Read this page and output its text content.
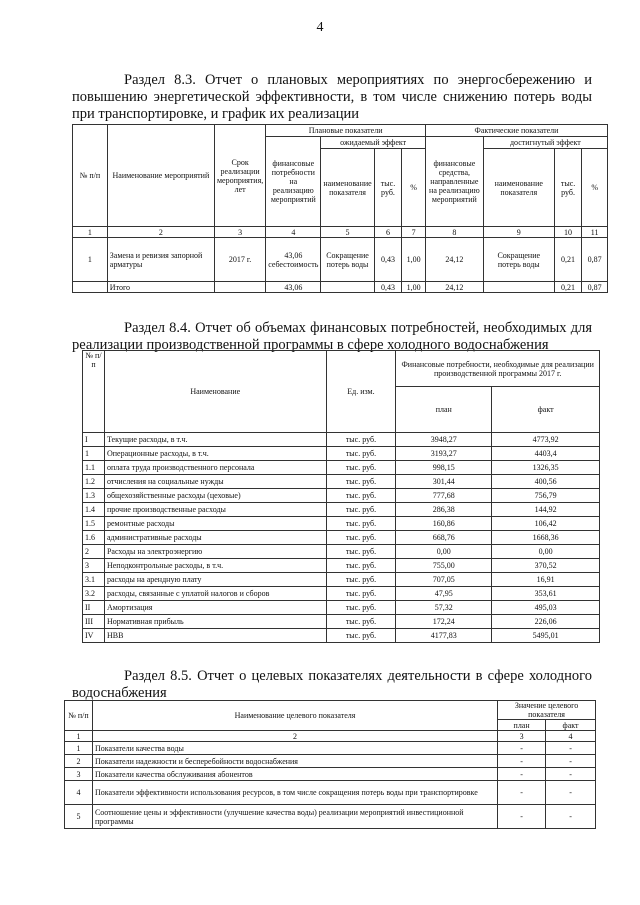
4
Раздел 8.3. Отчет о плановых мероприятиях по энергосбережению и повышению энергетической эффективности, в том числе снижению потерь воды при транспортировке, и график их реализации
№ п/п	Наименование мероприятий	Срок реализации мероприятия, лет	Плановые показатели				Фактические показатели			
			финансовые потребности на реализацию мероприятий	ожидаемый эффект			финансовые средства, направленные на реализацию мероприятий	достигнутый эффект		
				наименование показателя	тыс. руб.	%		наименование показателя	тыс. руб.	%
1	2	3	4	5	6	7	8	9	10	11
1	Замена и ревизия запорной арматуры	2017 г.	43,06 себестоимость	Сокращение потерь воды	0,43	1,00	24,12	Сокращение потерь воды	0,21	0,87
	Итого		43,06		0,43	1,00	24,12		0,21	0,87
Раздел 8.4. Отчет об объемах финансовых потребностей, необходимых для реализации производственной программы в сфере холодного водоснабжения
№ п/п	Наименование	Ед. изм.	Финансовые потребности, необходимые для реализации производственной программы 2017 г.	
			план	факт
I	Текущие расходы, в т.ч.	тыс. руб.	3948,27	4773,92
1	Операционные расходы, в т.ч.	тыс. руб.	3193,27	4403,4
1.1	оплата труда производственного персонала	тыс. руб.	998,15	1326,35
1.2	отчисления на социальные нужды	тыс. руб.	301,44	400,56
1.3	общехозяйственные расходы (цеховые)	тыс. руб.	777,68	756,79
1.4	прочие производственные расходы	тыс. руб.	286,38	144,92
1.5	ремонтные расходы	тыс. руб.	160,86	106,42
1.6	административные расходы	тыс. руб.	668,76	1668,36
2	Расходы на электроэнергию	тыс. руб.	0,00	0,00
3	Неподконтрольные расходы, в т.ч.	тыс. руб.	755,00	370,52
3.1	расходы на арендную плату	тыс. руб.	707,05	16,91
3.2	расходы, связанные с уплатой налогов и сборов	тыс. руб.	47,95	353,61
II	Амортизация	тыс. руб.	57,32	495,03
III	Нормативная прибыль	тыс. руб.	172,24	226,06
IV	НВВ	тыс. руб.	4177,83	5495,01
Раздел 8.5. Отчет о целевых показателях деятельности в сфере холодного водоснабжения
№ п/п	Наименование целевого показателя	Значение целевого показателя	
		план	факт
1	2	3	4
1	Показатели качества воды	-	-
2	Показатели надежности и бесперебойности водоснабжения	-	-
3	Показатели качества обслуживания абонентов	-	-
4	Показатели эффективности использования ресурсов, в том числе сокращения потерь воды при транспортировке	-	-
5	Соотношение цены и эффективности (улучшение качества воды) реализации мероприятий инвестиционной программы	-	-
